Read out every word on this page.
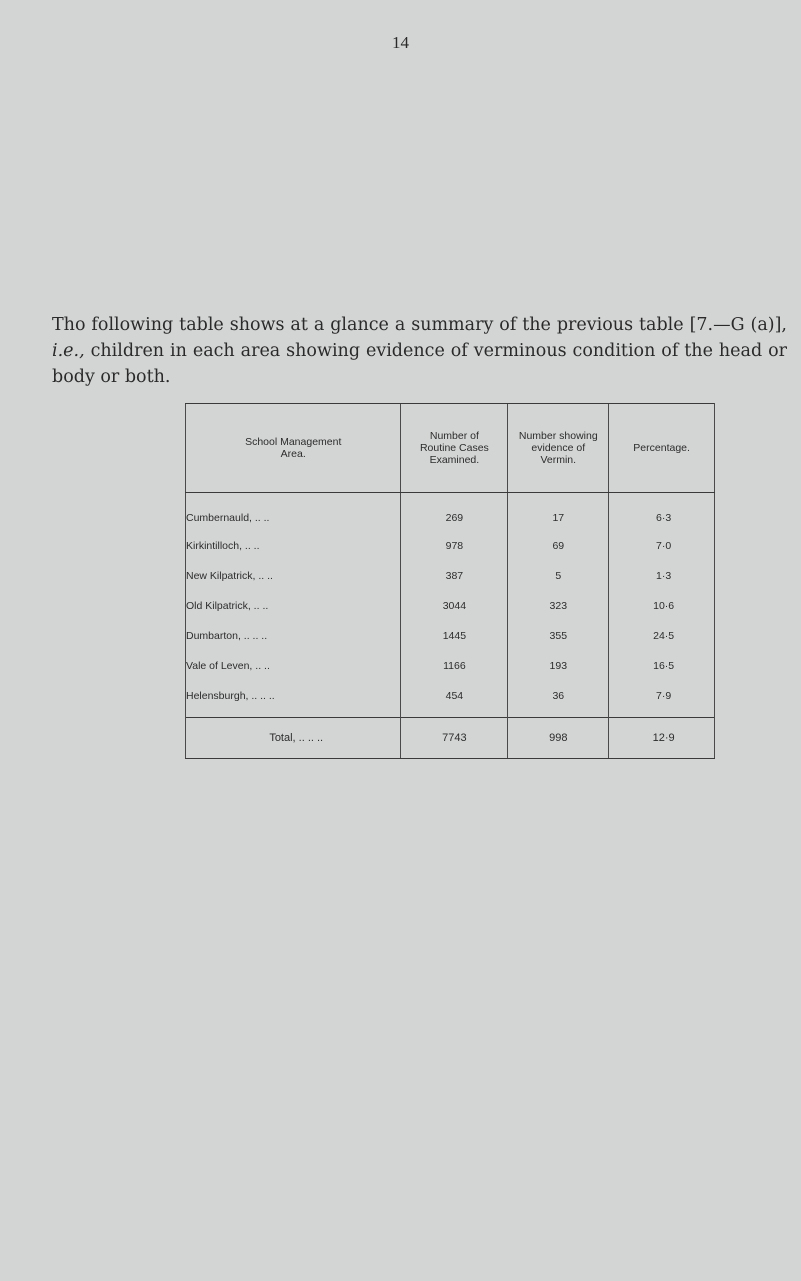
14

Tho following table shows at a glance a summary of the previous table [7.—G (a)], i.e., children in each area showing evidence of verminous condition of the head or body or both.

School Management Area.	Number of Routine Cases Examined.	Number showing evidence of Vermin.	Percentage.

Cumbernauld, .. ..	269	17	6·3
Kirkintilloch, .. ..	978	69	7·0
New Kilpatrick, .. ..	387	5	1·3
Old Kilpatrick, .. ..	3044	323	10·6
Dumbarton, .. .. ..	1445	355	24·5
Vale of Leven, .. ..	1166	193	16·5
Helensburgh, .. .. ..	454	36	7·9
Total, .. .. ..	7743	998	12·9
